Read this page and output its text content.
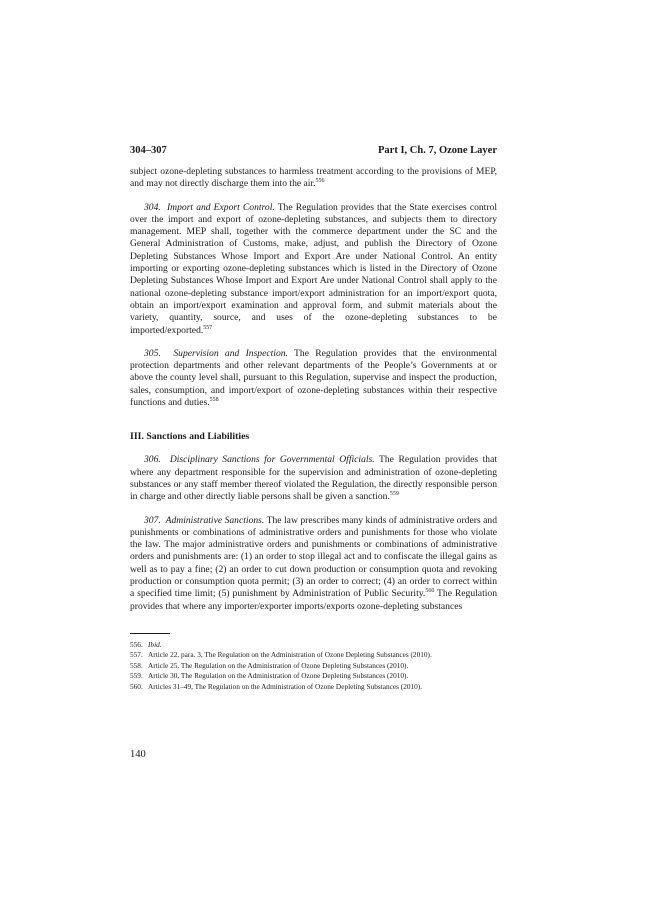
304–307	Part I, Ch. 7, Ozone Layer

subject ozone-depleting substances to harmless treatment according to the provisions of MEP, and may not directly discharge them into the air.$^{556}$

304. Import and Export Control. The Regulation provides that the State exercises control over the import and export of ozone-depleting substances, and subjects them to directory management. MEP shall, together with the commerce department under the SC and the General Administration of Customs, make, adjust, and publish the Directory of Ozone Depleting Substances Whose Import and Export Are under National Control. An entity importing or exporting ozone-depleting substances which is listed in the Directory of Ozone Depleting Substances Whose Import and Export Are under National Control shall apply to the national ozone-depleting substance import/export administration for an import/export quota, obtain an import/export examination and approval form, and submit materials about the variety, quantity, source, and uses of the ozone-depleting substances to be imported/exported.$^{557}$

305. Supervision and Inspection. The Regulation provides that the environmental protection departments and other relevant departments of the People’s Governments at or above the county level shall, pursuant to this Regulation, supervise and inspect the production, sales, consumption, and import/export of ozone-depleting substances within their respective functions and duties.$^{558}$

III. Sanctions and Liabilities

306. Disciplinary Sanctions for Governmental Officials. The Regulation provides that where any department responsible for the supervision and administration of ozone-depleting substances or any staff member thereof violated the Regulation, the directly responsible person in charge and other directly liable persons shall be given a sanction.$^{559}$

307. Administrative Sanctions. The law prescribes many kinds of administrative orders and punishments or combinations of administrative orders and punishments for those who violate the law. The major administrative orders and punishments or combinations of administrative orders and punishments are: (1) an order to stop illegal act and to confiscate the illegal gains as well as to pay a fine; (2) an order to cut down production or consumption quota and revoking production or consumption quota permit; (3) an order to correct; (4) an order to correct within a specified time limit; (5) punishment by Administration of Public Security.$^{560}$ The Regulation provides that where any importer/exporter imports/exports ozone-depleting substances

556. Ibid.
557. Article 22, para. 3, The Regulation on the Administration of Ozone Depleting Substances (2010).
558. Article 25, The Regulation on the Administration of Ozone Depleting Substances (2010).
559. Article 30, The Regulation on the Administration of Ozone Depleting Substances (2010).
560. Articles 31–49, The Regulation on the Administration of Ozone Depleting Substances (2010).
140
